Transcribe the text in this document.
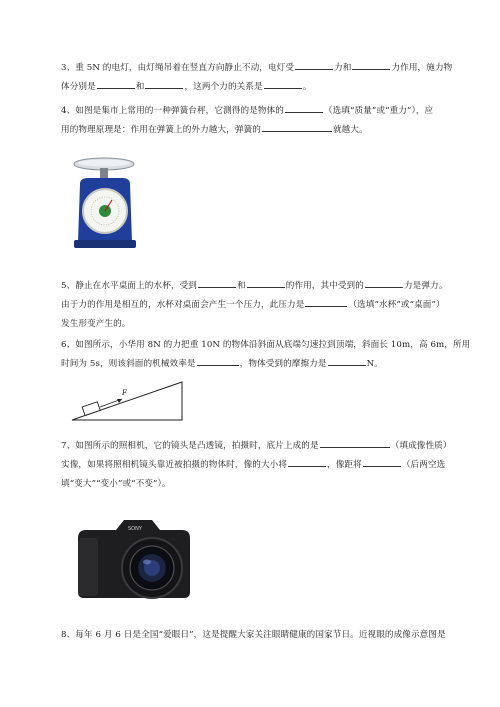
3、重 5N 的电灯，由灯绳吊着在竖直方向静止不动，电灯受	力和	力作用，施力物

体分别是	和	，这两个力的关系是	。

4、如图是集市上常用的一种弹簧台秤，它测得的是物体的	（选填“质量”或“重力”），应

用的物理原理是：作用在弹簧上的外力越大，弹簧的	就越大。

5、静止在水平桌面上的水杯，受到	和	的作用，其中受到的	力是弹力。

由于力的作用是相互的，水杯对桌面会产生一个压力，此压力是	（选填“水杯”或“桌面”）

发生形变产生的。

6、如图所示，小华用 8N 的力把重 10N 的物体沿斜面从底端匀速拉到顶端，斜面长 10m，高 6m，所用

时间为 5s，则该斜面的机械效率是	，物体受到的摩擦力是	N。

F

7、如图所示的照相机，它的镜头是凸透镜，拍摄时，底片上成的是	（填成像性质）

实像，如果将照相机镜头靠近被拍摄的物体时，像的大小将	，像距将	（后两空选

填“变大”“变小”或“不变”）。

SONY

8、每年 6 月 6 日是全国“爱眼日”，这是提醒大家关注眼睛健康的国家节日。近视眼的成像示意图是
